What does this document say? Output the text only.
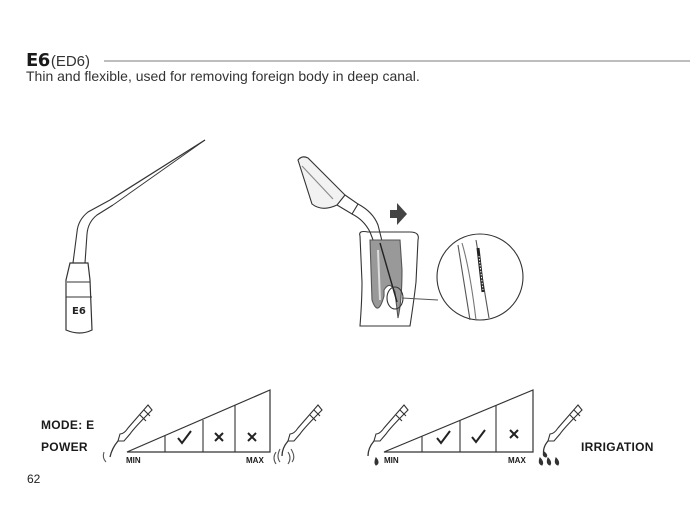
E6 (ED6)
Thin and flexible, used for removing foreign body in deep canal.
E6
MODE: E
POWER	IRRIGATION
MIN	MAX	MIN	MAX
62
